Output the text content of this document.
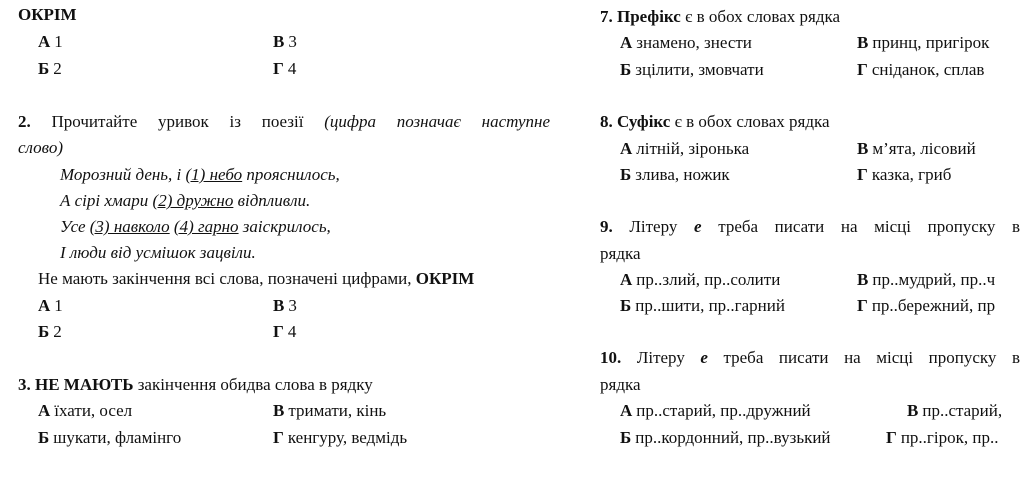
ОКРІМ
А 1	В 3
Б 2	Г 4
2. Прочитайте уривок із поезії (цифра позначає наступне
слово)
Морозний день, і (1) небо прояснилось,
А сірі хмари (2) дружно відпливли.
Усе (3) навколо (4) гарно заіскрилось,
І люди від усмішок зацвіли.
Не мають закінчення всі слова, позначені цифрами, ОКРІМ
А 1	В 3
Б 2	Г 4
3. НЕ МАЮТЬ закінчення обидва слова в рядку
А їхати, осел	В тримати, кінь
Б шукати, фламінго	Г кенгуру, ведмідь
7. Префікс є в обох словах рядка
А знамено, знести	В принц, пригірок
Б зцілити, змовчати	Г сніданок, сплав
8. Суфікс є в обох словах рядка
А літній, зіронька	В м’ята, лісовий
Б злива, ножик	Г казка, гриб
9. Літеру е треба писати на місці пропуску в
рядка
А пр..злий, пр..солити	В пр..мудрий, пр..ч
Б пр..шити, пр..гарний	Г пр..бережний, пр
10. Літеру е треба писати на місці пропуску в
рядка
А пр..старий, пр..дружний	В пр..старий,
Б пр..кордонний, пр..вузький	Г пр..гірок, пр..
